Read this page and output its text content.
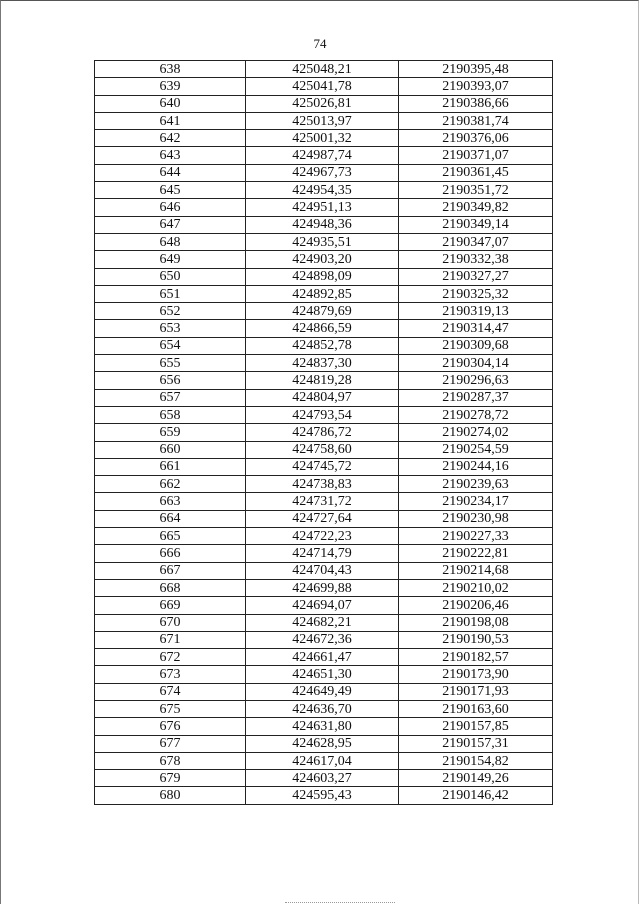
74
638	425048,21	2190395,48
639	425041,78	2190393,07
640	425026,81	2190386,66
641	425013,97	2190381,74
642	425001,32	2190376,06
643	424987,74	2190371,07
644	424967,73	2190361,45
645	424954,35	2190351,72
646	424951,13	2190349,82
647	424948,36	2190349,14
648	424935,51	2190347,07
649	424903,20	2190332,38
650	424898,09	2190327,27
651	424892,85	2190325,32
652	424879,69	2190319,13
653	424866,59	2190314,47
654	424852,78	2190309,68
655	424837,30	2190304,14
656	424819,28	2190296,63
657	424804,97	2190287,37
658	424793,54	2190278,72
659	424786,72	2190274,02
660	424758,60	2190254,59
661	424745,72	2190244,16
662	424738,83	2190239,63
663	424731,72	2190234,17
664	424727,64	2190230,98
665	424722,23	2190227,33
666	424714,79	2190222,81
667	424704,43	2190214,68
668	424699,88	2190210,02
669	424694,07	2190206,46
670	424682,21	2190198,08
671	424672,36	2190190,53
672	424661,47	2190182,57
673	424651,30	2190173,90
674	424649,49	2190171,93
675	424636,70	2190163,60
676	424631,80	2190157,85
677	424628,95	2190157,31
678	424617,04	2190154,82
679	424603,27	2190149,26
680	424595,43	2190146,42
